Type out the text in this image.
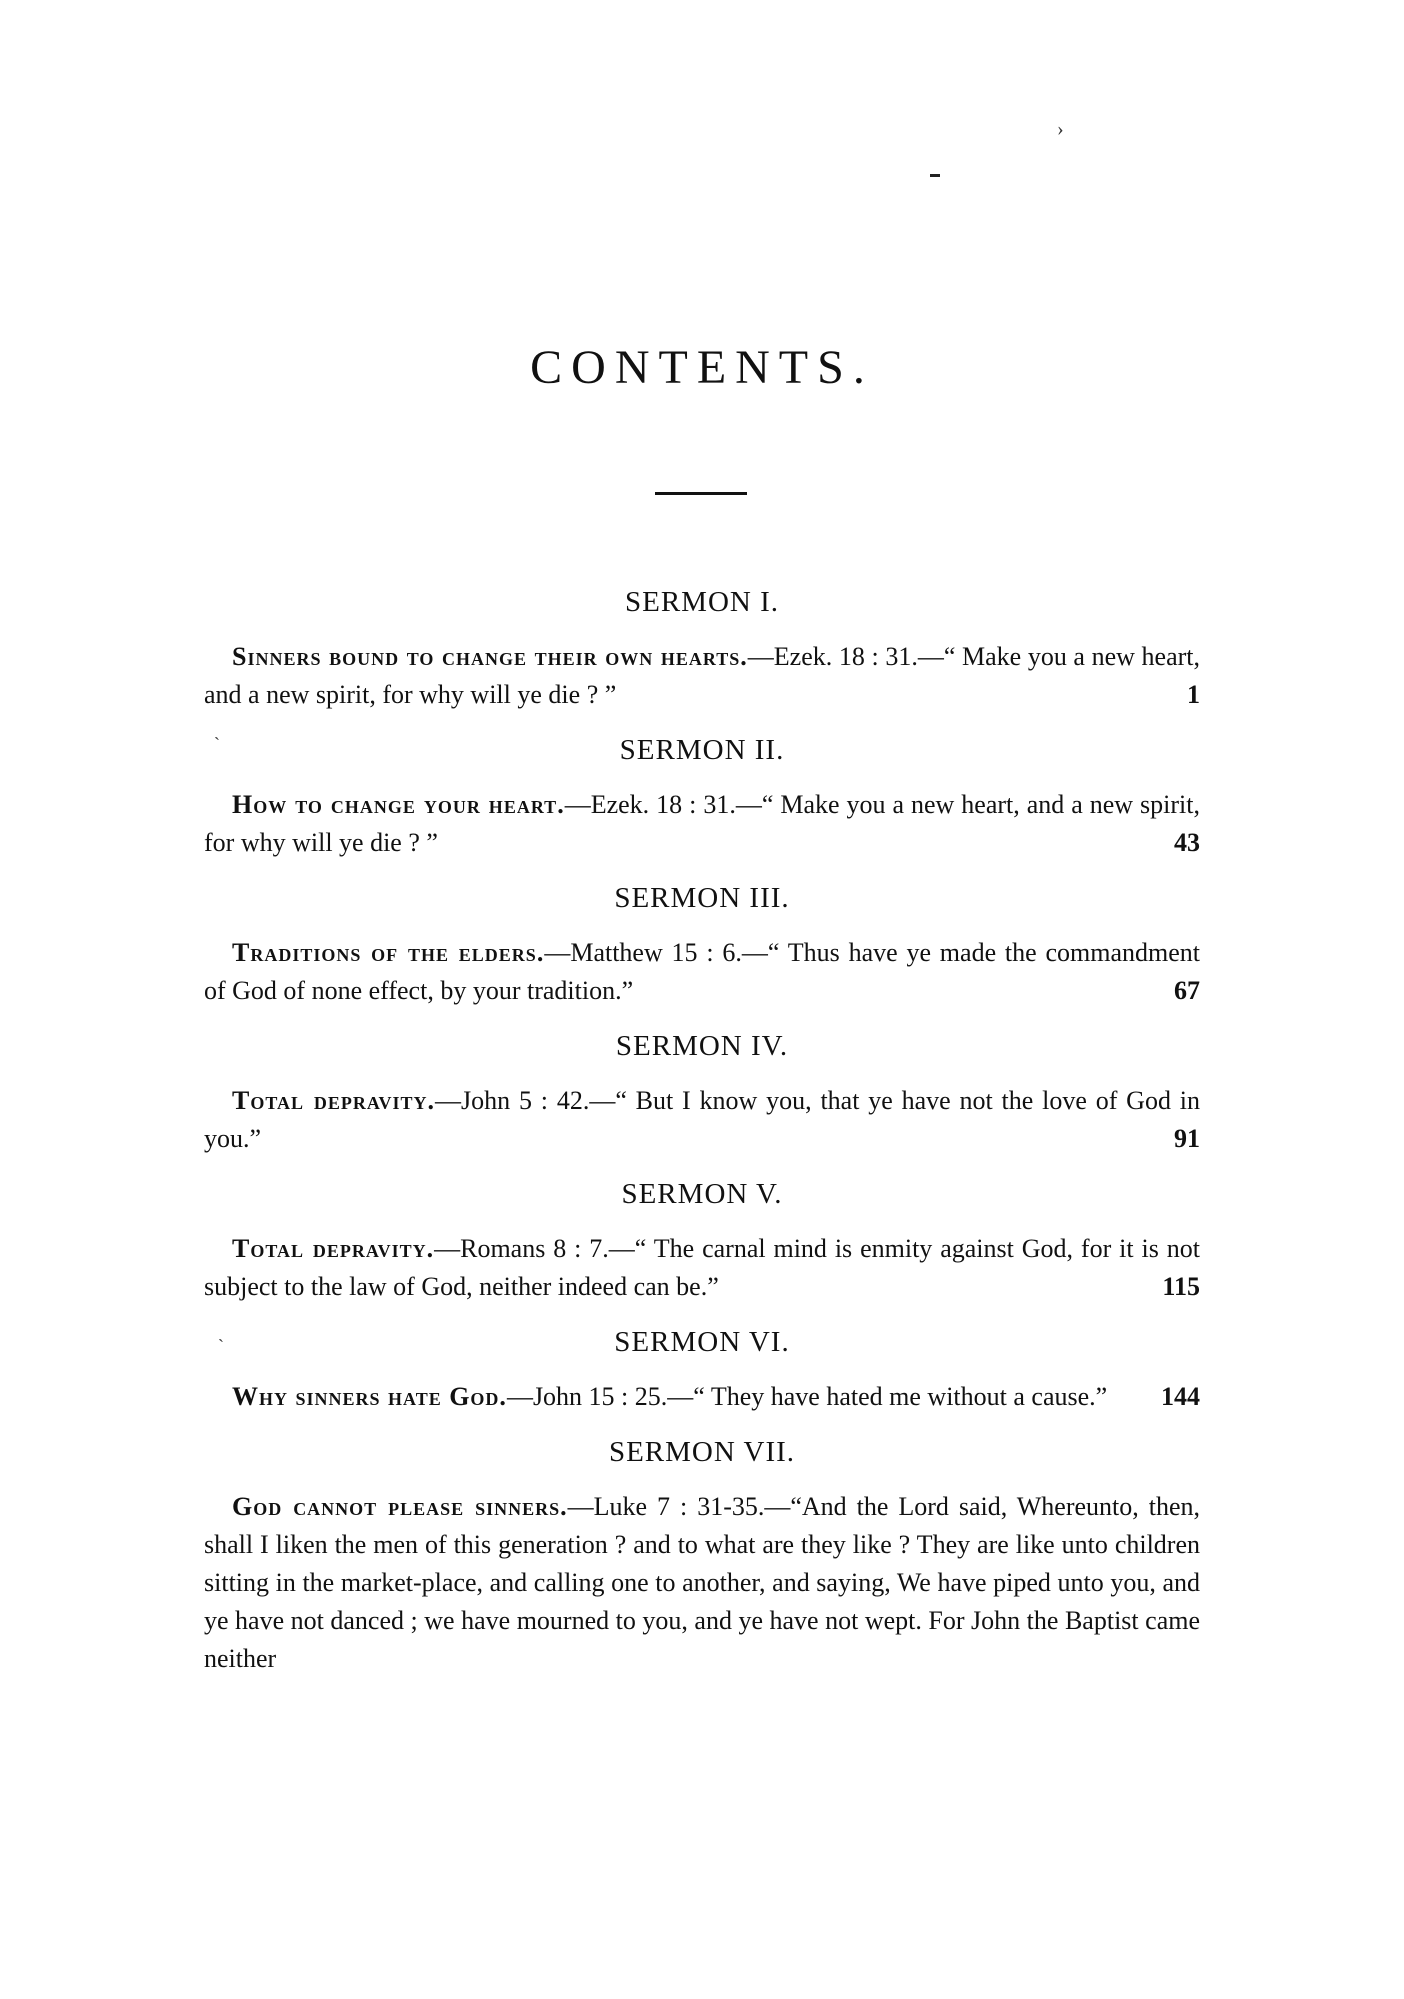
›
ˋ
ˋ
CONTENTS.
SERMON I.

Sinners bound to change their own hearts.—Ezek. 18 : 31.—“ Make you a new heart, and a new spirit, for why will ye die ? ”	1

SERMON II.

How to change your heart.—Ezek. 18 : 31.—“ Make you a new heart, and a new spirit, for why will ye die ? ”	43

SERMON III.

Traditions of the elders.—Matthew 15 : 6.—“ Thus have ye made the commandment of God of none effect, by your tradition.”	67

SERMON IV.

Total depravity.—John 5 : 42.—“ But I know you, that ye have not the love of God in you.”	91

SERMON V.

Total depravity.—Romans 8 : 7.—“ The carnal mind is enmity against God, for it is not subject to the law of God, neither indeed can be.”	115

SERMON VI.

Why sinners hate God.—John 15 : 25.—“ They have hated me without a cause.” 144

SERMON VII.

God cannot please sinners.—Luke 7 : 31-35.—“And the Lord said, Whereunto, then, shall I liken the men of this generation ? and to what are they like ? They are like unto children sitting in the market-place, and calling one to another, and saying, We have piped unto you, and ye have not danced ; we have mourned to you, and ye have not wept. For John the Baptist came neither
